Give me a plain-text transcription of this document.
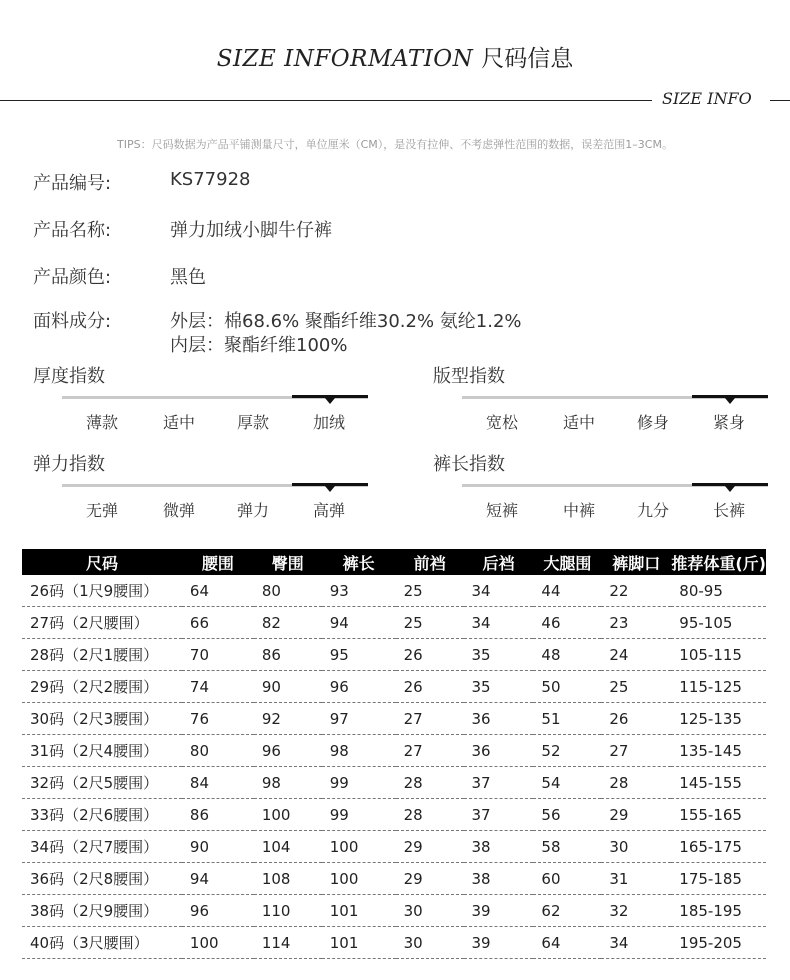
SIZE INFORMATION 尺码信息
SIZE INFO
TIPS：尺码数据为产品平铺测量尺寸，单位厘米（CM），是没有拉伸、不考虑弹性范围的数据，误差范围1–3CM。
产品编号:	KS77928
产品名称:	弹力加绒小脚牛仔裤
产品颜色:	黑色
面料成分:	外层：棉68.6% 聚酯纤维30.2% 氨纶1.2%
内层：聚酯纤维100%
厚度指数
薄款	适中	厚款	加绒
版型指数
宽松	适中	修身	紧身
弹力指数
无弹	微弹	弹力	高弹
裤长指数
短裤	中裤	九分	长裤
尺码	腰围	臀围	裤长	前裆	后裆	大腿围	裤脚口	推荐体重(斤)
26码（1尺9腰围）	64	80	93	25	34	44	22	80-95
27码（2尺腰围）	66	82	94	25	34	46	23	95-105
28码（2尺1腰围）	70	86	95	26	35	48	24	105-115
29码（2尺2腰围）	74	90	96	26	35	50	25	115-125
30码（2尺3腰围）	76	92	97	27	36	51	26	125-135
31码（2尺4腰围）	80	96	98	27	36	52	27	135-145
32码（2尺5腰围）	84	98	99	28	37	54	28	145-155
33码（2尺6腰围）	86	100	99	28	37	56	29	155-165
34码（2尺7腰围）	90	104	100	29	38	58	30	165-175
36码（2尺8腰围）	94	108	100	29	38	60	31	175-185
38码（2尺9腰围）	96	110	101	30	39	62	32	185-195
40码（3尺腰围）	100	114	101	30	39	64	34	195-205
